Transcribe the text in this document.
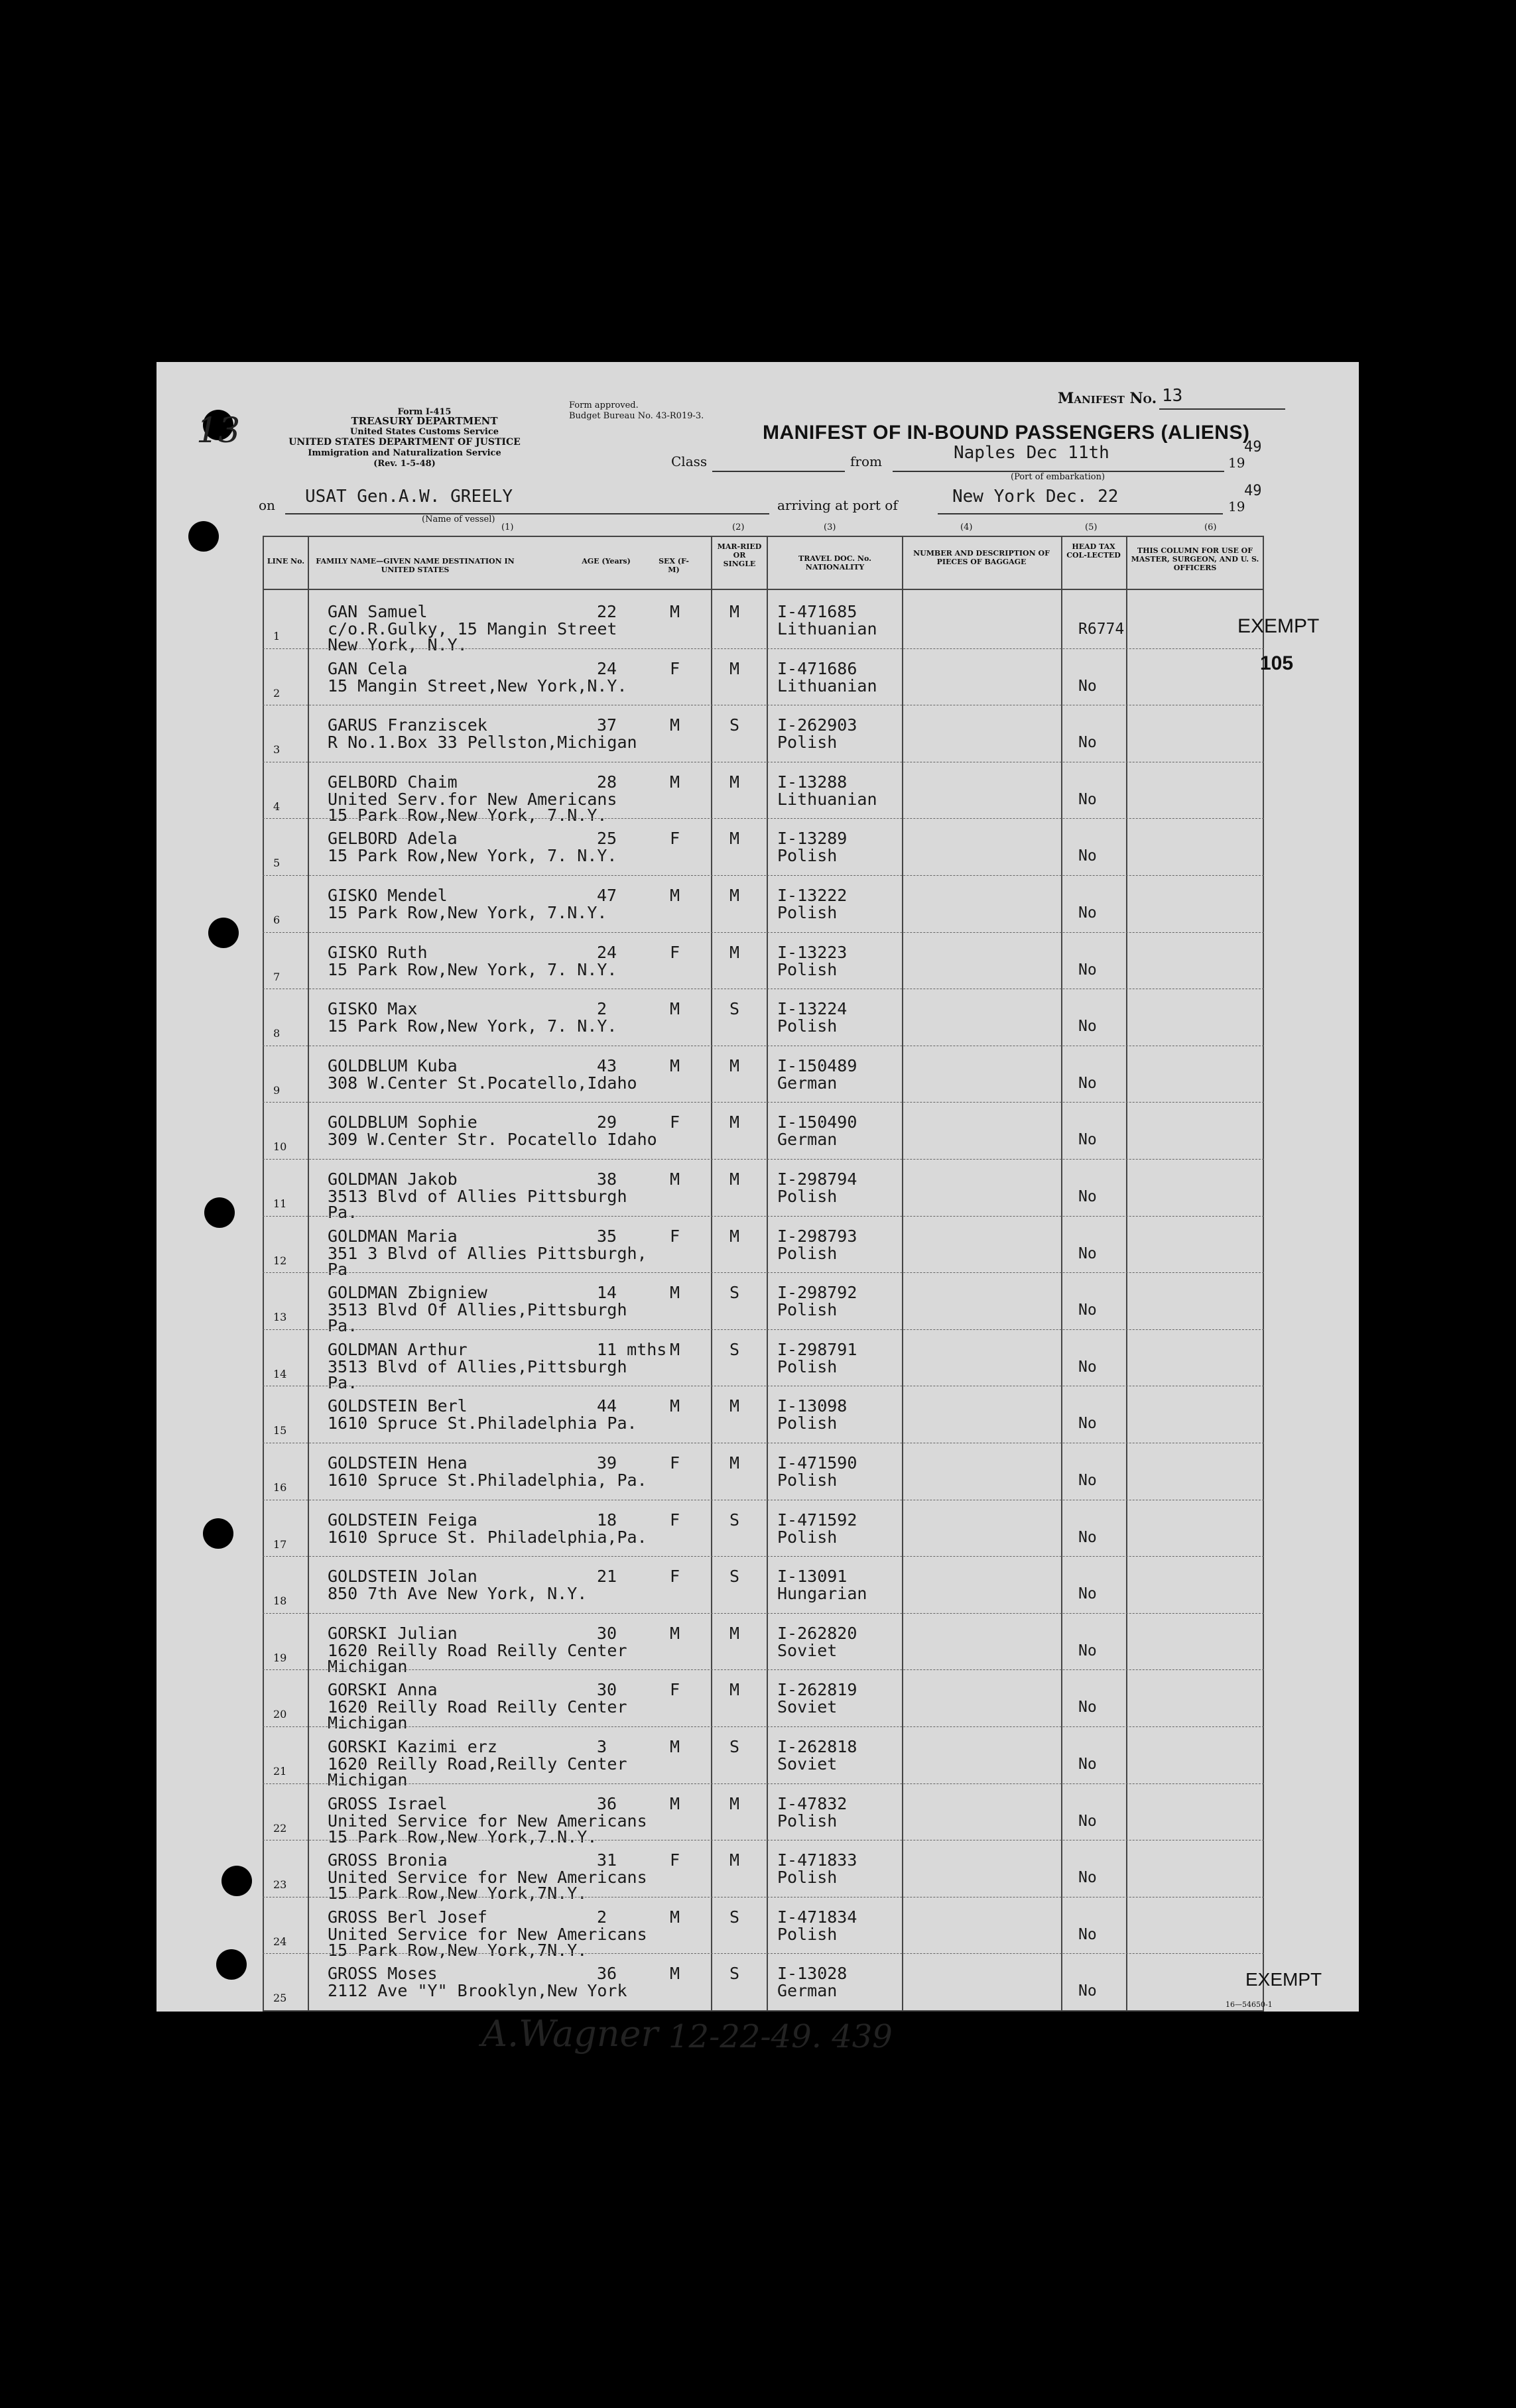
Form I-415
TREASURY DEPARTMENT
United States Customs Service
UNITED STATES DEPARTMENT OF JUSTICE
Immigration and Naturalization Service
(Rev. 1-5-48)
Form approved.
Budget Bureau No. 43-R019-3.
Manifest No. 13
MANIFEST OF IN-BOUND PASSENGERS (ALIENS)
Class	from	Naples Dec 11th	19
49
(Port of embarkation)
on USAT Gen.A.W. GREELY
(Name of vessel)
arriving at port of	New York Dec. 22	19
49
(1)	(2)	(3)	(4)	(5)	(6)
LINE No.	FAMILY NAME—GIVEN NAME DESTINATION IN UNITED STATES
AGE (Years)	SEX (F-M)
MAR-RIED OR SINGLE
TRAVEL DOC. No. NATIONALITY
NUMBER AND DESCRIPTION OF PIECES OF BAGGAGE
HEAD TAX COL-LECTED
THIS COLUMN FOR USE OF MASTER, SURGEON, AND U. S. OFFICERS
1
GAN Samuel
c/o.R.Gulky, 15 Mangin Street
New York, N.Y.
22	M	M I-471685
Lithuanian	R6774
2
GAN Cela
15 Mangin Street,New York,N.Y.
24	F	M I-471686
Lithuanian	No
3
GARUS Franziscek
R No.1.Box 33 Pellston,Michigan
37	M	S I-262903
Polish	No
4
GELBORD Chaim
United Serv.for New Americans
15 Park Row,New York, 7.N.Y.
28	M	M I-13288
Lithuanian	No
5
GELBORD Adela
15 Park Row,New York, 7. N.Y.
25	F	M I-13289
Polish	No
6
GISKO Mendel
15 Park Row,New York, 7.N.Y.
47	M	M I-13222
Polish	No
7
GISKO Ruth
15 Park Row,New York, 7. N.Y.
24	F	M I-13223
Polish	No
8
GISKO Max
15 Park Row,New York, 7. N.Y.
2	M	S I-13224
Polish	No
9
GOLDBLUM Kuba
308 W.Center St.Pocatello,Idaho
43	M	M I-150489
German	No
10
GOLDBLUM Sophie
309 W.Center Str. Pocatello Idaho
29	F	M I-150490
German	No
11
GOLDMAN Jakob
3513 Blvd of Allies Pittsburgh
Pa.
38	M	M I-298794
Polish	No
12
GOLDMAN Maria
351 3 Blvd of Allies Pittsburgh,
Pa
35	F	M I-298793
Polish	No
13
GOLDMAN Zbigniew
3513 Blvd Of Allies,Pittsburgh
Pa.
14	M	S I-298792
Polish	No
14
GOLDMAN Arthur
3513 Blvd of Allies,Pittsburgh
Pa.
11 mths M	S I-298791
Polish	No
15
GOLDSTEIN Berl
1610 Spruce St.Philadelphia Pa.
44	M	M I-13098
Polish	No
16
GOLDSTEIN Hena
1610 Spruce St.Philadelphia, Pa.
39	F	M I-471590
Polish	No
17
GOLDSTEIN Feiga
1610 Spruce St. Philadelphia,Pa.
18	F	S I-471592
Polish	No
18
GOLDSTEIN Jolan
850 7th Ave New York, N.Y.
21	F	S I-13091
Hungarian	No
19
GORSKI Julian
1620 Reilly Road Reilly Center
Michigan
30	M	M I-262820
Soviet	No
20
GORSKI Anna
1620 Reilly Road Reilly Center
Michigan
30	F	M I-262819
Soviet	No
21
GORSKI Kazimi erz
1620 Reilly Road,Reilly Center
Michigan
3	M	S I-262818
Soviet	No
22
GROSS Israel
United Service for New Americans
15 Park Row,New York,7.N.Y.
36	M	M I-47832
Polish	No
23
GROSS Bronia
United Service for New Americans
15 Park Row,New York,7N.Y.
31	F	M I-471833
Polish	No
24
GROSS Berl Josef
United Service for New Americans
15 Park Row,New York,7N.Y.
2	M	S I-471834
Polish	No
25
GROSS Moses
2112 Ave "Y" Brooklyn,New York
36	M	S I-13028
German	No
EXEMPT
105
EXEMPT
13
A.Wagner 12-22-49. 439
16—54650-1
